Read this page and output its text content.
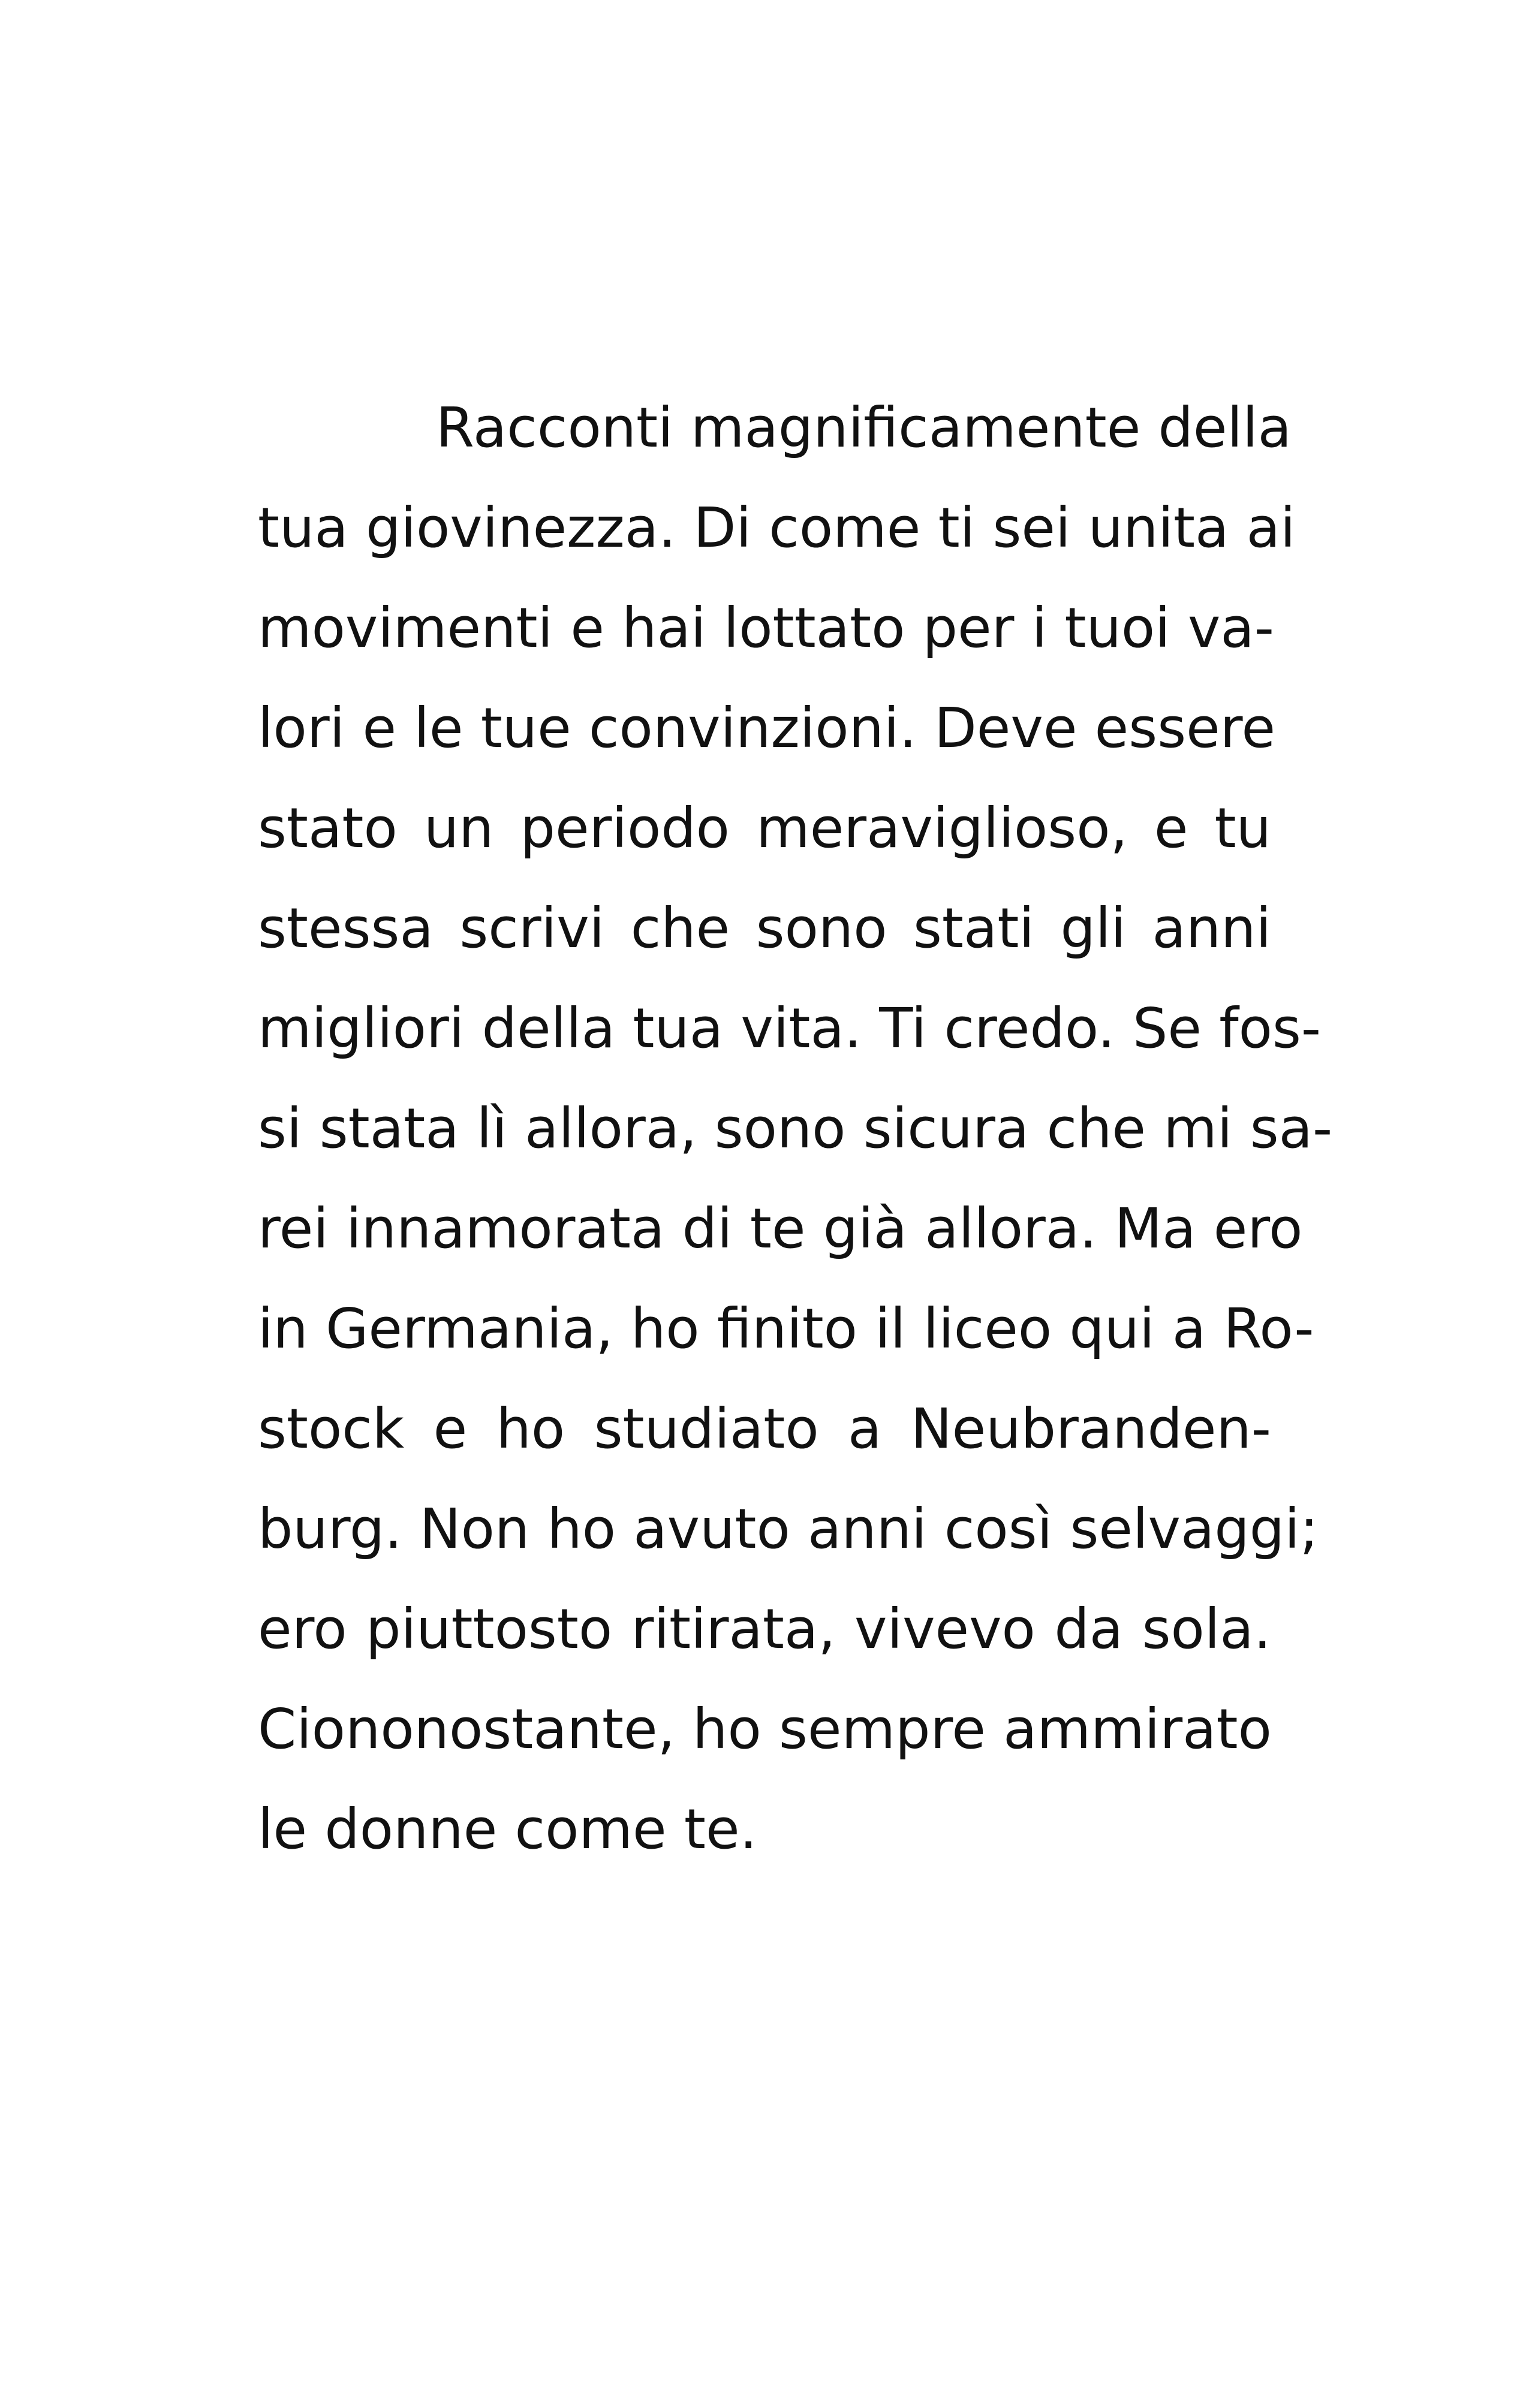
Racconti magnificamente della
tua giovinezza. Di come ti sei unita ai
movimenti e hai lottato per i tuoi va-
lori e le tue convinzioni. Deve essere
stato un periodo meraviglioso, e tu
stessa scrivi che sono stati gli anni
migliori della tua vita. Ti credo. Se fos-
si stata lì allora, sono sicura che mi sa-
rei innamorata di te già allora. Ma ero
in Germania, ho finito il liceo qui a Ro-
stock e ho studiato a Neubranden-
burg. Non ho avuto anni così selvaggi;
ero piuttosto ritirata, vivevo da sola.
Ciononostante, ho sempre ammirato
le donne come te.
